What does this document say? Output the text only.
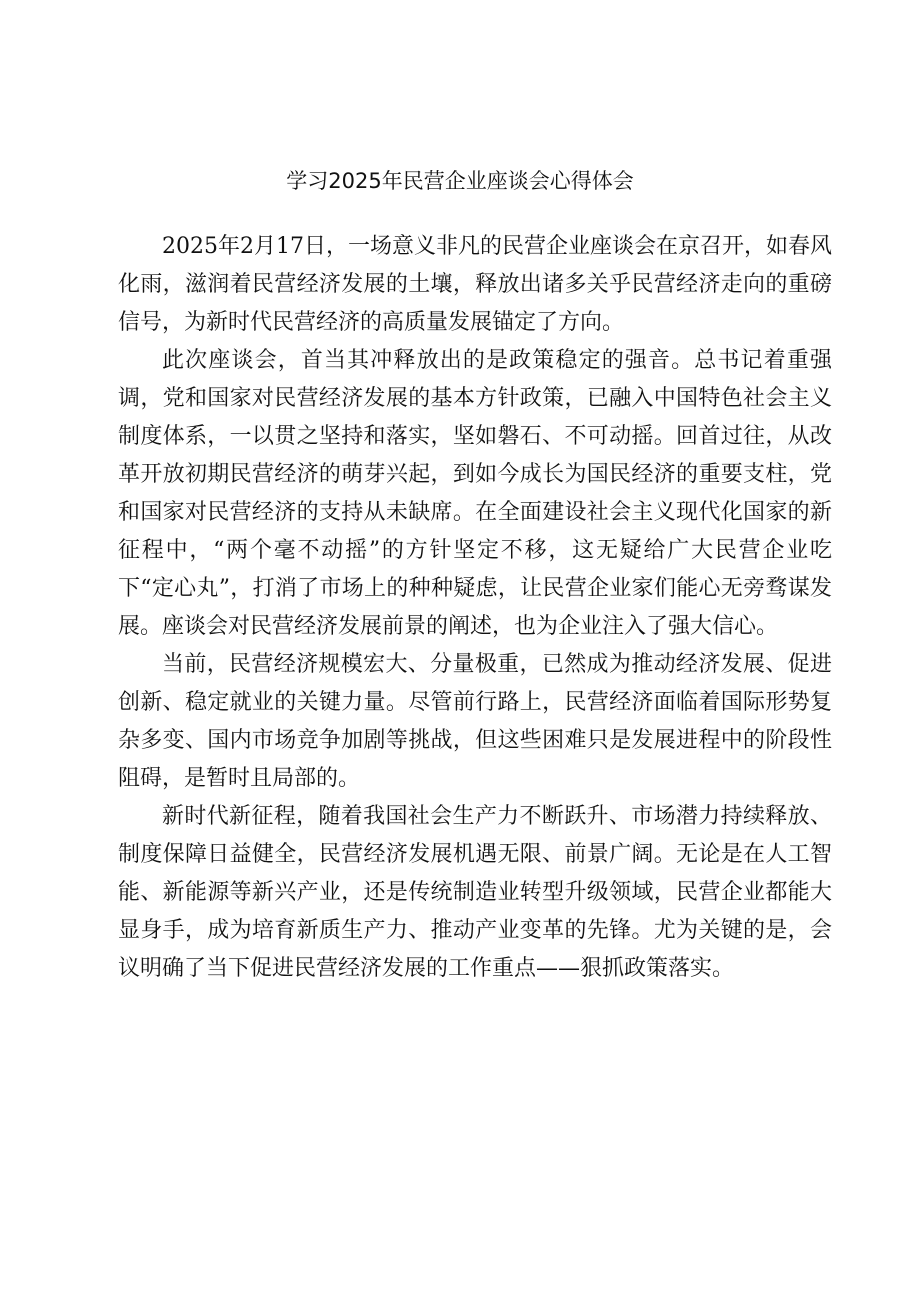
学习2025年民营企业座谈会心得体会

2025年2月17日，一场意义非凡的民营企业座谈会在京召开，如春风化雨，滋润着民营经济发展的土壤，释放出诸多关乎民营经济走向的重磅信号，为新时代民营经济的高质量发展锚定了方向。

此次座谈会，首当其冲释放出的是政策稳定的强音。总书记着重强调，党和国家对民营经济发展的基本方针政策，已融入中国特色社会主义制度体系，一以贯之坚持和落实，坚如磐石、不可动摇。回首过往，从改革开放初期民营经济的萌芽兴起，到如今成长为国民经济的重要支柱，党和国家对民营经济的支持从未缺席。在全面建设社会主义现代化国家的新征程中，“两个毫不动摇”的方针坚定不移，这无疑给广大民营企业吃下“定心丸”，打消了市场上的种种疑虑，让民营企业家们能心无旁骛谋发展。座谈会对民营经济发展前景的阐述，也为企业注入了强大信心。

当前，民营经济规模宏大、分量极重，已然成为推动经济发展、促进创新、稳定就业的关键力量。尽管前行路上，民营经济面临着国际形势复杂多变、国内市场竞争加剧等挑战，但这些困难只是发展进程中的阶段性阻碍，是暂时且局部的。

新时代新征程，随着我国社会生产力不断跃升、市场潜力持续释放、制度保障日益健全，民营经济发展机遇无限、前景广阔。无论是在人工智能、新能源等新兴产业，还是传统制造业转型升级领域，民营企业都能大显身手，成为培育新质生产力、推动产业变革的先锋。尤为关键的是，会议明确了当下促进民营经济发展的工作重点——狠抓政策落实。
